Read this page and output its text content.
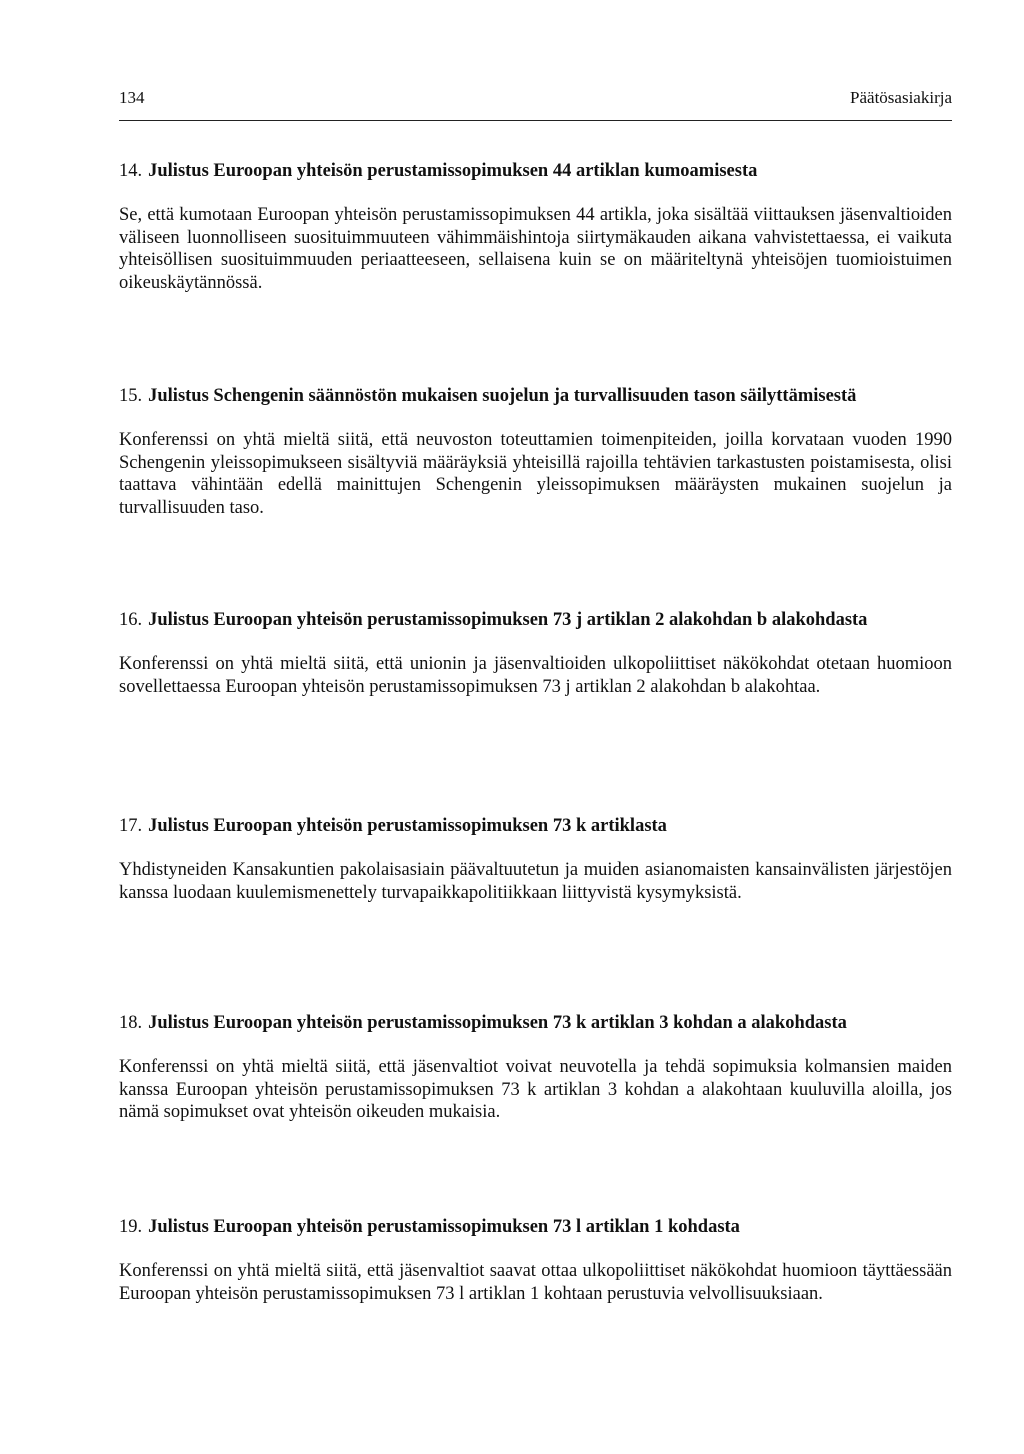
134	Päätösasiakirja
14. Julistus Euroopan yhteisön perustamissopimuksen 44 artiklan kumoamisesta

Se, että kumotaan Euroopan yhteisön perustamissopimuksen 44 artikla, joka sisältää viittauksen jäsenvaltioiden väliseen luonnolliseen suosituimmuuteen vähimmäishintoja siirtymäkauden aikana vahvistettaessa, ei vaikuta yhteisöllisen suosituimmuuden periaatteeseen, sellaisena kuin se on määriteltynä yhteisöjen tuomioistuimen oikeuskäytännössä.

15. Julistus Schengenin säännöstön mukaisen suojelun ja turvallisuuden tason säilyttämisestä

Konferenssi on yhtä mieltä siitä, että neuvoston toteuttamien toimenpiteiden, joilla korvataan vuoden 1990 Schengenin yleissopimukseen sisältyviä määräyksiä yhteisillä rajoilla tehtävien tarkastusten poistamisesta, olisi taattava vähintään edellä mainittujen Schengenin yleissopimuksen määräysten mukainen suojelun ja turvallisuuden taso.

16. Julistus Euroopan yhteisön perustamissopimuksen 73 j artiklan 2 alakohdan b alakohdasta

Konferenssi on yhtä mieltä siitä, että unionin ja jäsenvaltioiden ulkopoliittiset näkökohdat otetaan huomioon sovellettaessa Euroopan yhteisön perustamissopimuksen 73 j artiklan 2 alakohdan b alakohtaa.

17. Julistus Euroopan yhteisön perustamissopimuksen 73 k artiklasta

Yhdistyneiden Kansakuntien pakolaisasiain päävaltuutetun ja muiden asianomaisten kansainvälisten järjestöjen kanssa luodaan kuulemismenettely turvapaikkapolitiikkaan liittyvistä kysymyksistä.

18. Julistus Euroopan yhteisön perustamissopimuksen 73 k artiklan 3 kohdan a alakohdasta

Konferenssi on yhtä mieltä siitä, että jäsenvaltiot voivat neuvotella ja tehdä sopimuksia kolmansien maiden kanssa Euroopan yhteisön perustamissopimuksen 73 k artiklan 3 kohdan a alakohtaan kuuluvilla aloilla, jos nämä sopimukset ovat yhteisön oikeuden mukaisia.

19. Julistus Euroopan yhteisön perustamissopimuksen 73 l artiklan 1 kohdasta

Konferenssi on yhtä mieltä siitä, että jäsenvaltiot saavat ottaa ulkopoliittiset näkökohdat huomioon täyttäessään Euroopan yhteisön perustamissopimuksen 73 l artiklan 1 kohtaan perustuvia velvollisuuksiaan.
